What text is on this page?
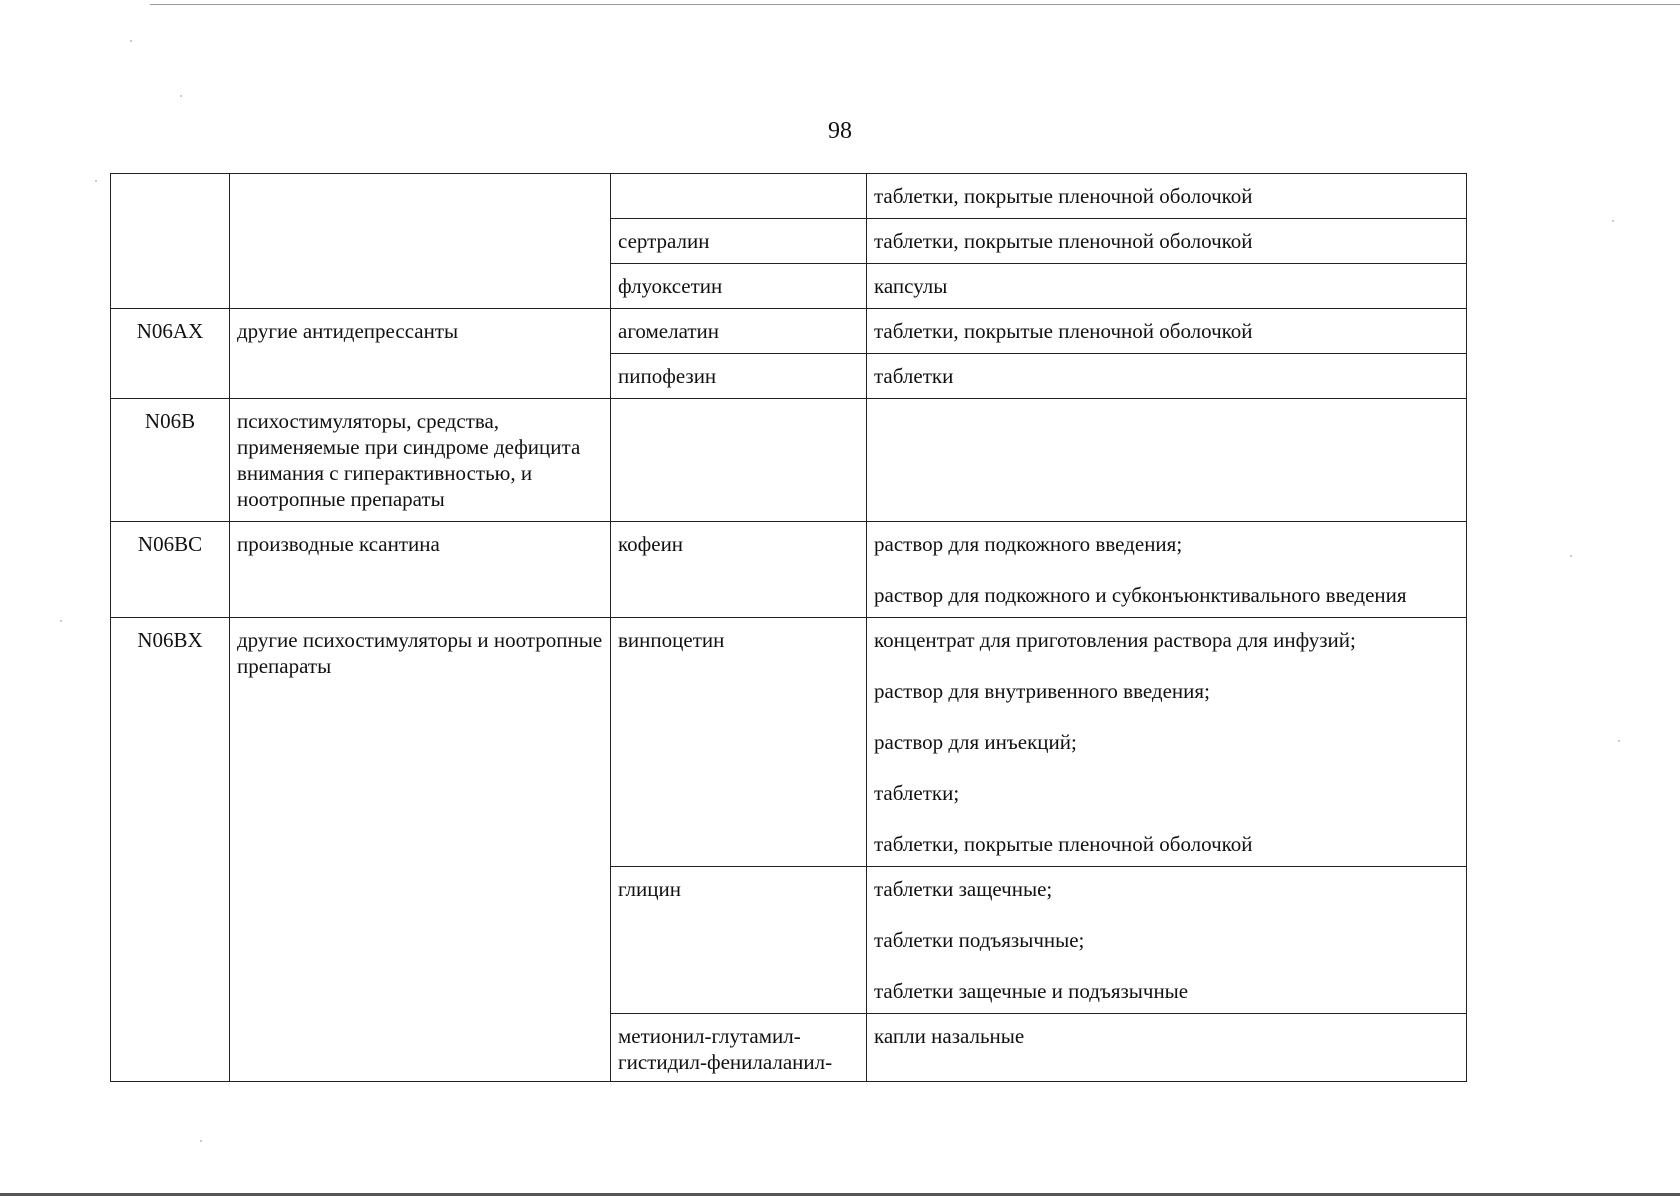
98

			таблетки, покрытые пленочной оболочкой

		сертралин	таблетки, покрытые пленочной оболочкой

		флуоксетин	капсулы

N06AX	другие антидепрессанты	агомелатин	таблетки, покрытые пленочной оболочкой

		пипофезин	таблетки

N06B	психостимуляторы, средства, применяемые при синдроме дефицита внимания с гиперактивностью, и ноотропные препараты		
N06BC	производные ксантина	кофеин	раствор для подкожного введения;
раствор для подкожного и субконъюнктивального введения

N06BX	другие психостимуляторы и ноотропные препараты	винпоцетин	концентрат для приготовления раствора для инфузий;
раствор для внутривенного введения;
раствор для инъекций;
таблетки;
таблетки, покрытые пленочной оболочкой

		глицин	таблетки защечные;
таблетки подъязычные;
таблетки защечные и подъязычные

		метионил-глутамил-гистидил-фенилаланил-	капли назальные
